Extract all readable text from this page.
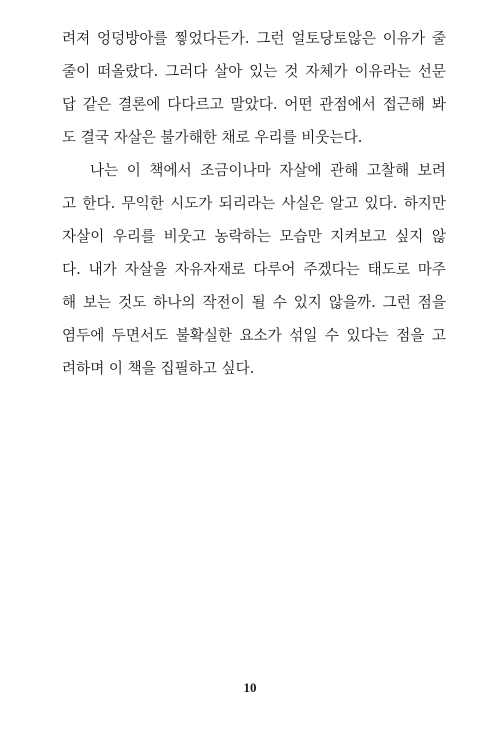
려져 엉덩방아를 찧었다든가. 그런 얼토당토않은 이유가 줄
줄이 떠올랐다. 그러다 살아 있는 것 자체가 이유라는 선문
답 같은 결론에 다다르고 말았다. 어떤 관점에서 접근해 봐
도 결국 자살은 불가해한 채로 우리를 비웃는다.
나는 이 책에서 조금이나마 자살에 관해 고찰해 보려
고 한다. 무익한 시도가 되리라는 사실은 알고 있다. 하지만
자살이 우리를 비웃고 농락하는 모습만 지켜보고 싶지 않
다. 내가 자살을 자유자재로 다루어 주겠다는 태도로 마주
해 보는 것도 하나의 작전이 될 수 있지 않을까. 그런 점을
염두에 두면서도 불확실한 요소가 섞일 수 있다는 점을 고
려하며 이 책을 집필하고 싶다.
10
